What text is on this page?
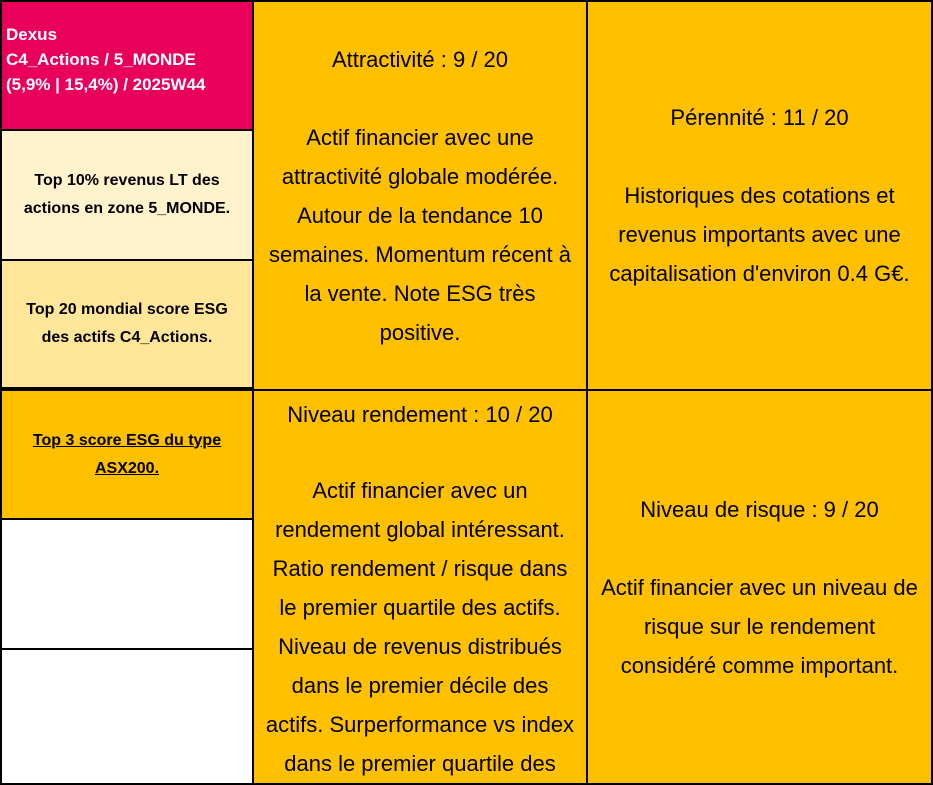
Dexus
C4_Actions / 5_MONDE
(5,9% | 15,4%) / 2025W44
Top 10% revenus LT des
actions en zone 5_MONDE.
Top 20 mondial score ESG
des actifs C4_Actions.
Top 3 score ESG du type
ASX200.
Attractivité : 9 / 20
Actif financier avec une
attractivité globale modérée.
Autour de la tendance 10
semaines. Momentum récent à
la vente. Note ESG très
positive.
Pérennité : 11 / 20
Historiques des cotations et
revenus importants avec une
capitalisation d'environ 0.4 G€.
Niveau rendement : 10 / 20
Actif financier avec un
rendement global intéressant.
Ratio rendement / risque dans
le premier quartile des actifs.
Niveau de revenus distribués
dans le premier décile des
actifs. Surperformance vs index
dans le premier quartile des
Niveau de risque : 9 / 20
Actif financier avec un niveau de
risque sur le rendement
considéré comme important.
